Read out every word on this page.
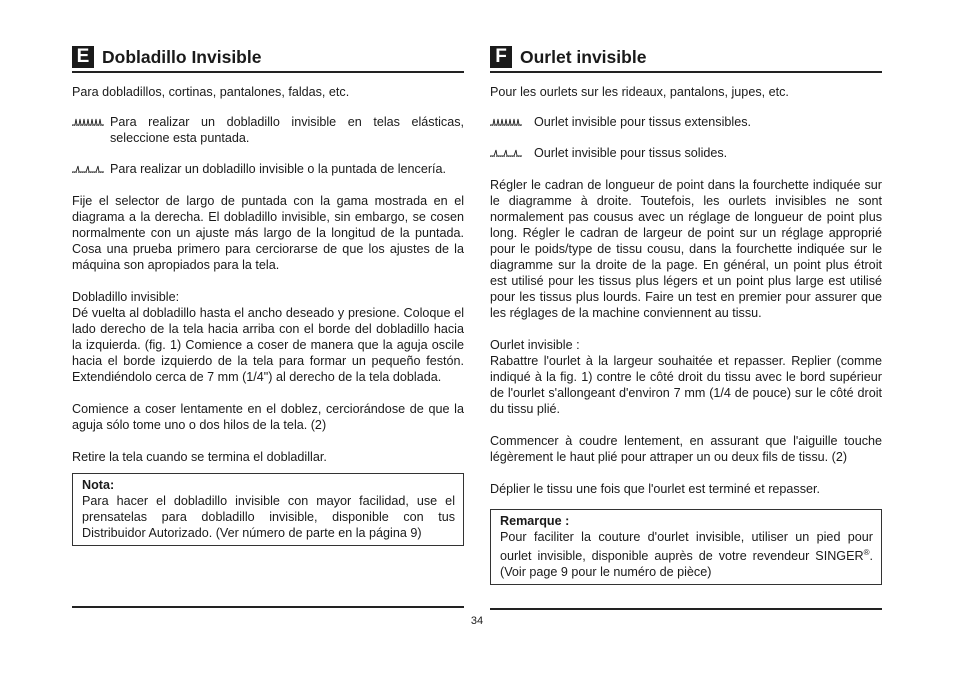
E Dobladillo Invisible

Para dobladillos, cortinas, pantalones, faldas, etc.

Para realizar un dobladillo invisible en telas elásticas, seleccione esta puntada.

Para realizar un dobladillo invisible o la puntada de lencería.

Fije el selector de largo de puntada con la gama mostrada en el diagrama a la derecha. El dobladillo invisible, sin embargo, se cosen normalmente con un ajuste más largo de la longitud de la puntada. Cosa una prueba primero para cerciorarse de que los ajustes de la máquina son apropiados para la tela.

Dobladillo invisible:

Dé vuelta al dobladillo hasta el ancho deseado y presione. Coloque el lado derecho de la tela hacia arriba con el borde del dobladillo hacia la izquierda. (fig. 1) Comience a coser de manera que la aguja oscile hacia el borde izquierdo de la tela para formar un pequeño festón. Extendiéndolo cerca de 7 mm (1/4") al derecho de la tela doblada.

Comience a coser lentamente en el doblez, cerciorándose de que la aguja sólo tome uno o dos hilos de la tela. (2)

Retire la tela cuando se termina el dobladillar.

Nota:

Para hacer el dobladillo invisible con mayor facilidad, use el prensatelas para dobladillo invisible, disponible con tus Distribuidor Autorizado. (Ver número de parte en la página 9)

F Ourlet invisible

Pour les ourlets sur les rideaux, pantalons, jupes, etc.

Ourlet invisible pour tissus extensibles.

Ourlet invisible pour tissus solides.

Régler le cadran de longueur de point dans la fourchette indiquée sur le diagramme à droite. Toutefois, les ourlets invisibles ne sont normalement pas cousus avec un réglage de longueur de point plus long. Régler le cadran de largeur de point sur un réglage approprié pour le poids/type de tissu cousu, dans la fourchette indiquée sur le diagramme sur la droite de la page. En général, un point plus étroit est utilisé pour les tissus plus légers et un point plus large est utilisé pour les tissus plus lourds. Faire un test en premier pour assurer que les réglages de la machine conviennent au tissu.

Ourlet invisible :

Rabattre l'ourlet à la largeur souhaitée et repasser. Replier (comme indiqué à la fig. 1) contre le côté droit du tissu avec le bord supérieur de l'ourlet s'allongeant d'environ 7 mm (1/4 de pouce) sur le côté droit du tissu plié.

Commencer à coudre lentement, en assurant que l'aiguille touche légèrement le haut plié pour attraper un ou deux fils de tissu. (2)

Déplier le tissu une fois que l'ourlet est terminé et repasser.

Remarque :

Pour faciliter la couture d'ourlet invisible, utiliser un pied pour ourlet invisible, disponible auprès de votre revendeur SINGER®. (Voir page 9 pour le numéro de pièce)

34
